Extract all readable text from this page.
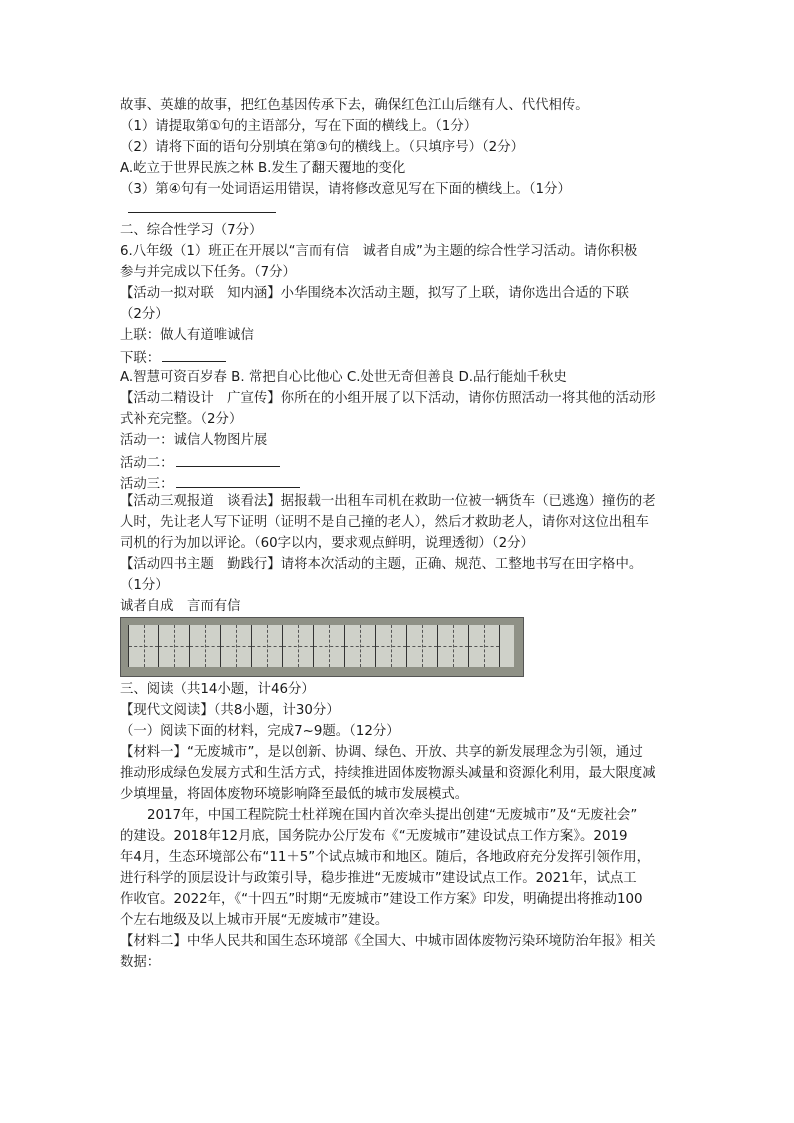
故事、英雄的故事，把红色基因传承下去，确保红色江山后继有人、代代相传。
（1）请提取第①句的主语部分，写在下面的横线上。（1分）
（2）请将下面的语句分别填在第③句的横线上。（只填序号）（2分）
A.屹立于世界民族之林 B.发生了翻天覆地的变化
（3）第④句有一处词语运用错误，请将修改意见写在下面的横线上。（1分）
二、综合性学习（7分）
6.八年级（1）班正在开展以“言而有信　诚者自成”为主题的综合性学习活动。请你积极
参与并完成以下任务。（7分）
【活动一拟对联　知内涵】小华围绕本次活动主题，拟写了上联，请你选出合适的下联
（2分）
上联：做人有道唯诚信
下联：
A.智慧可资百岁春 B. 常把自心比他心 C.处世无奇但善良 D.品行能灿千秋史
【活动二精设计　广宣传】你所在的小组开展了以下活动，请你仿照活动一将其他的活动形
式补充完整。（2分）
活动一：诚信人物图片展
活动二：
活动三：
【活动三观报道　谈看法】据报载一出租车司机在救助一位被一辆货车（已逃逸）撞伤的老
人时，先让老人写下证明（证明不是自己撞的老人），然后才救助老人，请你对这位出租车
司机的行为加以评论。（60字以内，要求观点鲜明，说理透彻）（2分）
【活动四书主题　勤践行】请将本次活动的主题，正确、规范、工整地书写在田字格中。
（1分）
诚者自成　言而有信
三、阅读（共14小题，计46分）
【现代文阅读】（共8小题，计30分）
（一）阅读下面的材料，完成7~9题。（12分）
【材料一】“无废城市”，是以创新、协调、绿色、开放、共享的新发展理念为引领，通过
推动形成绿色发展方式和生活方式，持续推进固体废物源头减量和资源化利用，最大限度减
少填埋量，将固体废物环境影响降至最低的城市发展模式。
2017年，中国工程院院士杜祥琬在国内首次牵头提出创建“无废城市”及“无废社会”
的建设。2018年12月底，国务院办公厅发布《“无废城市”建设试点工作方案》。2019
年4月，生态环境部公布“11＋5”个试点城市和地区。随后，各地政府充分发挥引领作用，
进行科学的顶层设计与政策引导，稳步推进“无废城市”建设试点工作。2021年，试点工
作收官。2022年，《“十四五”时期“无废城市”建设工作方案》印发，明确提出将推动100
个左右地级及以上城市开展“无废城市”建设。
【材料二】中华人民共和国生态环境部《全国大、中城市固体废物污染环境防治年报》相关
数据：
